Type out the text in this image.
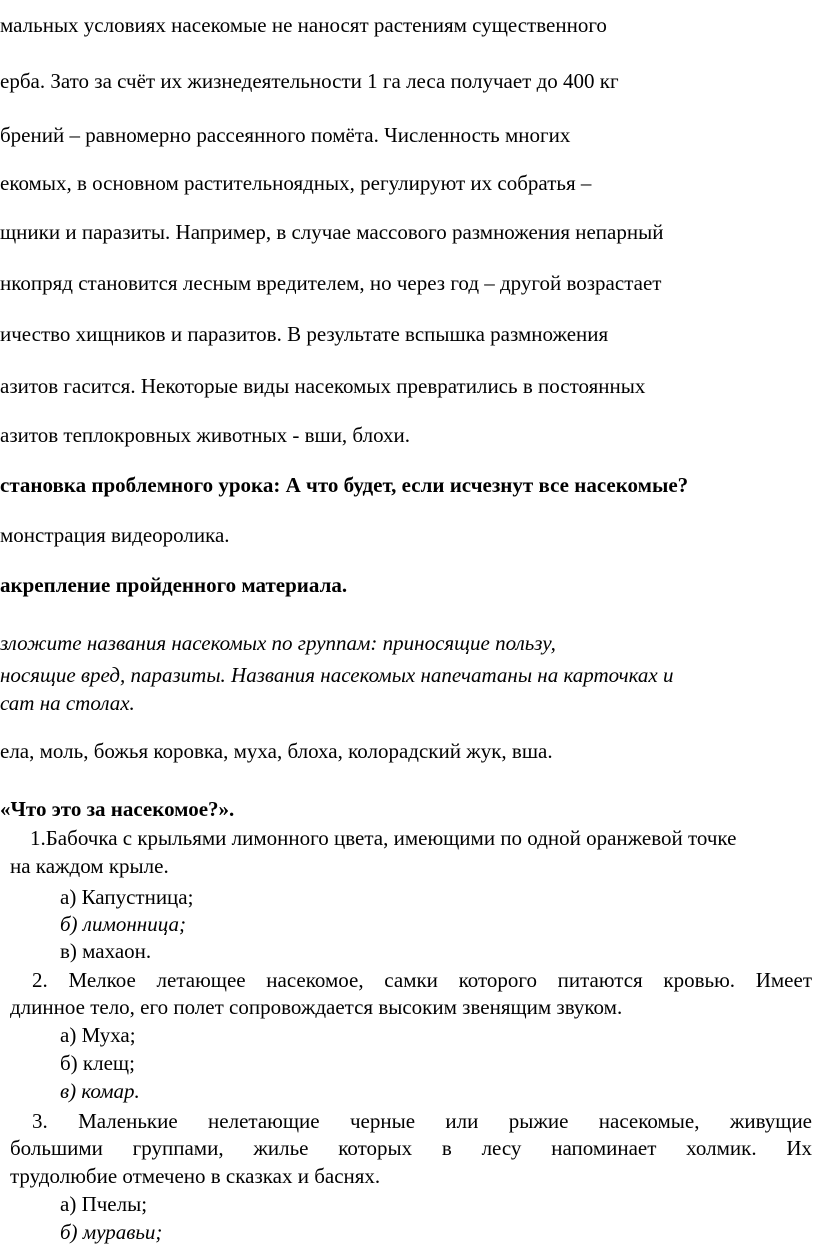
мальных условиях насекомые не наносят растениям существенного
ерба. Зато за счёт их жизнедеятельности 1 га леса получает до 400 кг
брений – равномерно рассеянного помёта. Численность многих
екомых, в основном растительноядных, регулируют их собратья –
щники и паразиты. Например, в случае массового размножения непарный
нкопряд становится лесным вредителем, но через год – другой возрастает
ичество хищников и паразитов. В результате вспышка размножения
азитов гасится. Некоторые виды насекомых превратились в постоянных
азитов теплокровных животных - вши, блохи.
становка проблемного урока: А что будет, если исчезнут все насекомые?
монстрация видеоролика.
акрепление пройденного материала.
зложите названия насекомых по группам: приносящие пользу,
носящие вред, паразиты. Названия насекомых напечатаны на карточках и
сат на столах.
ела, моль, божья коровка, муха, блоха, колорадский жук, вша.
«Что это за насекомое?».
1.Бабочка с крыльями лимонного цвета, имеющими по одной оранжевой точке
на каждом крыле.
а) Капустница;
б) лимонница;
в) махаон.
2. Мелкое летающее насекомое, самки которого питаются кровью. Имеет
длинное тело, его полет сопровождается высоким звенящим звуком.
а) Муха;
б) клещ;
в) комар.
3. Маленькие нелетающие черные или рыжие насекомые, живущие
большими группами, жилье которых в лесу напоминает холмик. Их
трудолюбие отмечено в сказках и баснях.
а) Пчелы;
б) муравьи;
